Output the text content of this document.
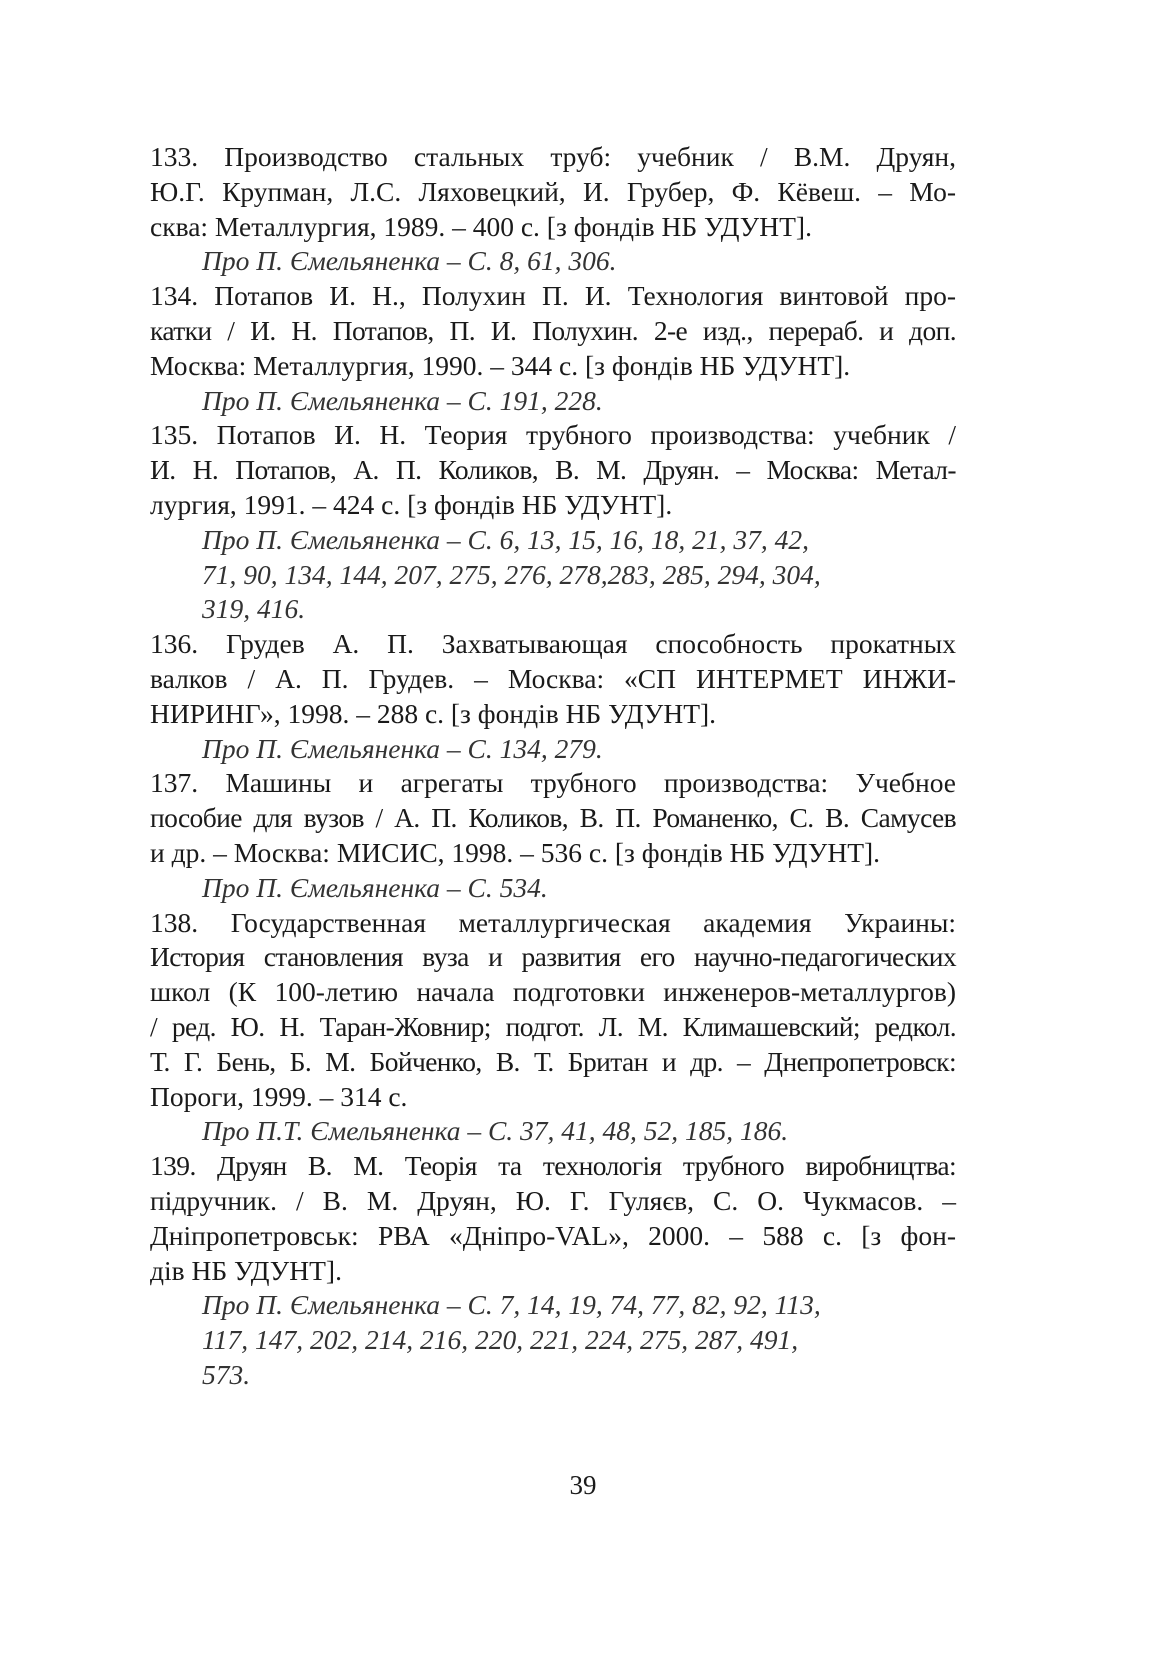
133. Производство стальных труб: учебник / В.М. Друян,
Ю.Г. Крупман, Л.С. Ляховецкий, И. Грубер, Ф. Кёвеш. – Мо-
сква: Металлургия, 1989. – 400 с. [з фондів НБ УДУНТ].
Про П. Ємельяненка – С. 8, 61, 306.
134. Потапов И. Н., Полухин П. И. Технология винтовой про-
катки / И. Н. Потапов, П. И. Полухин. 2-е изд., перераб. и доп.
Москва: Металлургия, 1990. – 344 с. [з фондів НБ УДУНТ].
Про П. Ємельяненка – С. 191, 228.
135. Потапов И. Н. Теория трубного производства: учебник /
И. Н. Потапов, А. П. Коликов, В. М. Друян. – Москва: Метал-
лургия, 1991. – 424 с. [з фондів НБ УДУНТ].
Про П. Ємельяненка – С. 6, 13, 15, 16, 18, 21, 37, 42,
71, 90, 134, 144, 207, 275, 276, 278,283, 285, 294, 304,
319, 416.
136. Грудев А. П. Захватывающая способность прокатных
валков / А. П. Грудев. – Москва: «СП ИНТЕРМЕТ ИНЖИ-
НИРИНГ», 1998. – 288 с. [з фондів НБ УДУНТ].
Про П. Ємельяненка – С. 134, 279.
137. Машины и агрегаты трубного производства: Учебное
пособие для вузов / А. П. Коликов, В. П. Романенко, С. В. Самусев
и др. – Москва: МИСИС, 1998. – 536 с. [з фондів НБ УДУНТ].
Про П. Ємельяненка – С. 534.
138. Государственная металлургическая академия Украины:
История становления вуза и развития его научно-педагогических
школ (К 100-летию начала подготовки инженеров-металлургов)
/ ред. Ю. Н. Таран-Жовнир; подгот. Л. М. Климашевский; редкол.
Т. Г. Бень, Б. М. Бойченко, В. Т. Британ и др. – Днепропетровск:
Пороги, 1999. – 314 с.
Про П.Т. Ємельяненка – С. 37, 41, 48, 52, 185, 186.
139. Друян В. М. Теорія та технологія трубного виробництва:
підручник. / В. М. Друян, Ю. Г. Гуляєв, С. О. Чукмасов. –
Дніпропетровськ: РВА «Дніпро-VAL», 2000. – 588 с. [з фон-
дів НБ УДУНТ].
Про П. Ємельяненка – С. 7, 14, 19, 74, 77, 82, 92, 113,
117, 147, 202, 214, 216, 220, 221, 224, 275, 287, 491,
573.
39
